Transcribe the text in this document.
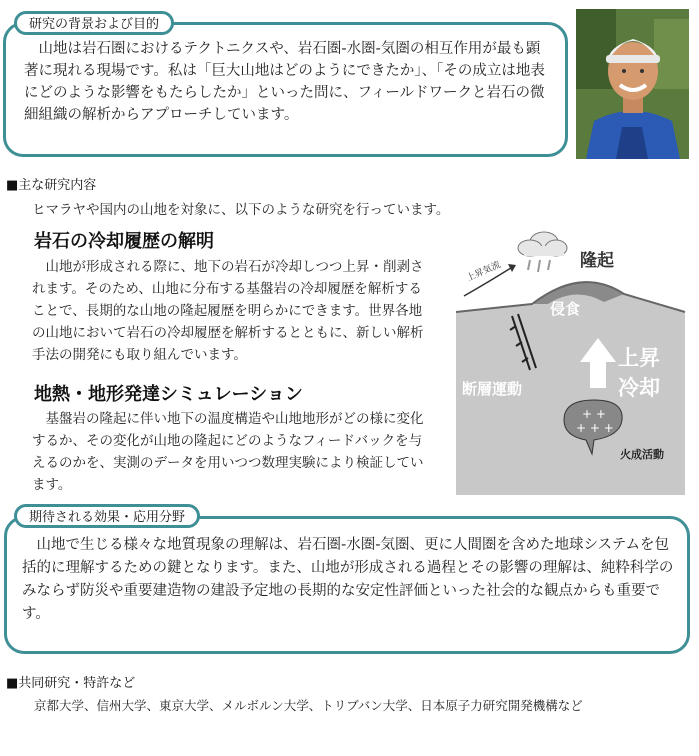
研究の背景および目的

　山地は岩石圏におけるテクトニクスや、岩石圏-水圏-気圏の相互作用が最も顕著に現れる現場です。私は「巨大山地はどのようにできたか」、「その成立は地表にどのような影響をもたらしたか」といった問に、フィールドワークと岩石の微細組織の解析からアプローチしています。

■主な研究内容
ヒマラヤや国内の山地を対象に、以下のような研究を行っています。
岩石の冷却履歴の解明

　山地が形成される際に、地下の岩石が冷却しつつ上昇・削剥されます。そのため、山地に分布する基盤岩の冷却履歴を解析することで、長期的な山地の隆起履歴を明らかにできます。世界各地の山地において岩石の冷却履歴を解析するとともに、新しい解析手法の開発にも取り組んでいます。

地熱・地形発達シミュレーション

　基盤岩の隆起に伴い地下の温度構造や山地地形がどの様に変化するか、その変化が山地の隆起にどのようなフィードバックを与えるのかを、実測のデータを用いつつ数理実験により検証しています。

+ +
+ + +
隆起
上昇気流
侵食
上昇
冷却
断層運動
火成活動
期待される効果・応用分野

　山地で生じる様々な地質現象の理解は、岩石圏-水圏-気圏、更に人間圏を含めた地球システムを包括的に理解するための鍵となります。また、山地が形成される過程とその影響の理解は、純粋科学のみならず防災や重要建造物の建設予定地の長期的な安定性評価といった社会的な観点からも重要です。

■共同研究・特許など
京都大学、信州大学、東京大学、メルボルン大学、トリブバン大学、日本原子力研究開発機構など
